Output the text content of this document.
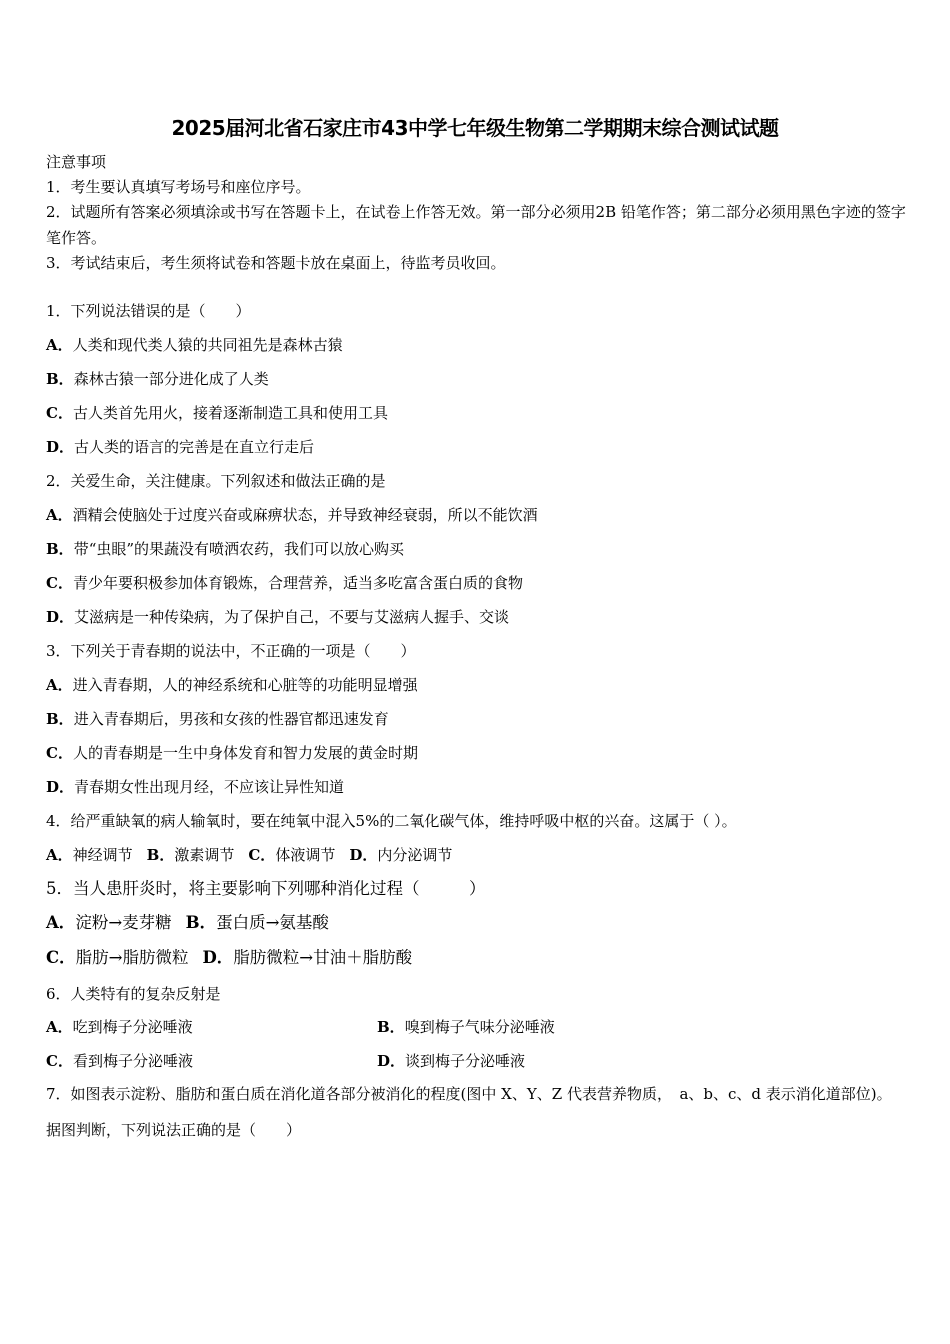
2025届河北省石家庄市43中学七年级生物第二学期期末综合测试试题
注意事项
1．考生要认真填写考场号和座位序号。
2．试题所有答案必须填涂或书写在答题卡上，在试卷上作答无效。第一部分必须用2B 铅笔作答；第二部分必须用黑色字迹的签字笔作答。
3．考试结束后，考生须将试卷和答题卡放在桌面上，待监考员收回。
1．下列说法错误的是（　　）
A．人类和现代类人猿的共同祖先是森林古猿
B．森林古猿一部分进化成了人类
C．古人类首先用火，接着逐渐制造工具和使用工具
D．古人类的语言的完善是在直立行走后
2．关爱生命，关注健康。下列叙述和做法正确的是
A．酒精会使脑处于过度兴奋或麻痹状态，并导致神经衰弱，所以不能饮酒
B．带“虫眼”的果蔬没有喷洒农药，我们可以放心购买
C．青少年要积极参加体育锻炼，合理营养，适当多吃富含蛋白质的食物
D．艾滋病是一种传染病，为了保护自己，不要与艾滋病人握手、交谈
3．下列关于青春期的说法中，不正确的一项是（　　）
A．进入青春期，人的神经系统和心脏等的功能明显增强
B．进入青春期后，男孩和女孩的性器官都迅速发育
C．人的青春期是一生中身体发育和智力发展的黄金时期
D．青春期女性出现月经，不应该让异性知道
4．给严重缺氧的病人输氧时，要在纯氧中混入5%的二氧化碳气体，维持呼吸中枢的兴奋。这属于（ ）。
A．神经调节 B．激素调节 C．体液调节 D．内分泌调节
5．当人患肝炎时，将主要影响下列哪种消化过程（　　　）
A．淀粉→麦芽糖 B．蛋白质→氨基酸
C．脂肪→脂肪微粒 D．脂肪微粒→甘油＋脂肪酸
6．人类特有的复杂反射是
A．吃到梅子分泌唾液	B．嗅到梅子气味分泌唾液
C．看到梅子分泌唾液	D．谈到梅子分泌唾液
7．如图表示淀粉、脂肪和蛋白质在消化道各部分被消化的程度(图中 X、Y、Z 代表营养物质，　a、b、c、d 表示消化道部位)。据图判断，下列说法正确的是（　　）
